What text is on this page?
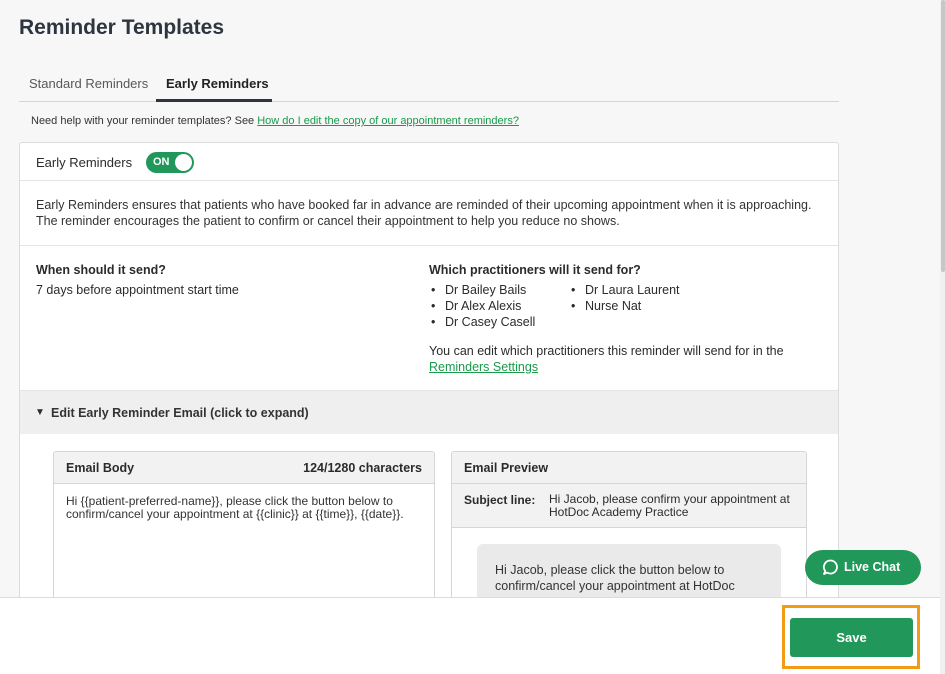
Reminder Templates
Standard Reminders Early Reminders
Need help with your reminder templates? See How do I edit the copy of our appointment reminders?
Early Reminders ON
Early Reminders ensures that patients who have booked far in advance are reminded of their upcoming appointment when it is approaching. The reminder encourages the patient to confirm or cancel their appointment to help you reduce no shows.
When should it send?
7 days before appointment start time
Which practitioners will it send for?
• Dr Bailey Bails
• Dr Alex Alexis
• Dr Casey Casell
• Dr Laura Laurent
• Nurse Nat
You can edit which practitioners this reminder will send for in the Reminders Settings
▼ Edit Early Reminder Email (click to expand)
Email Body	124/1280 characters
Hi {{patient-preferred-name}}, please click the button below to confirm/cancel your appointment at {{clinic}} at {{time}}, {{date}}.
Email Preview
Subject line: Hi Jacob, please confirm your appointment at HotDoc Academy Practice
Hi Jacob, please click the button below to confirm/cancel your appointment at HotDoc
Live Chat
Save
